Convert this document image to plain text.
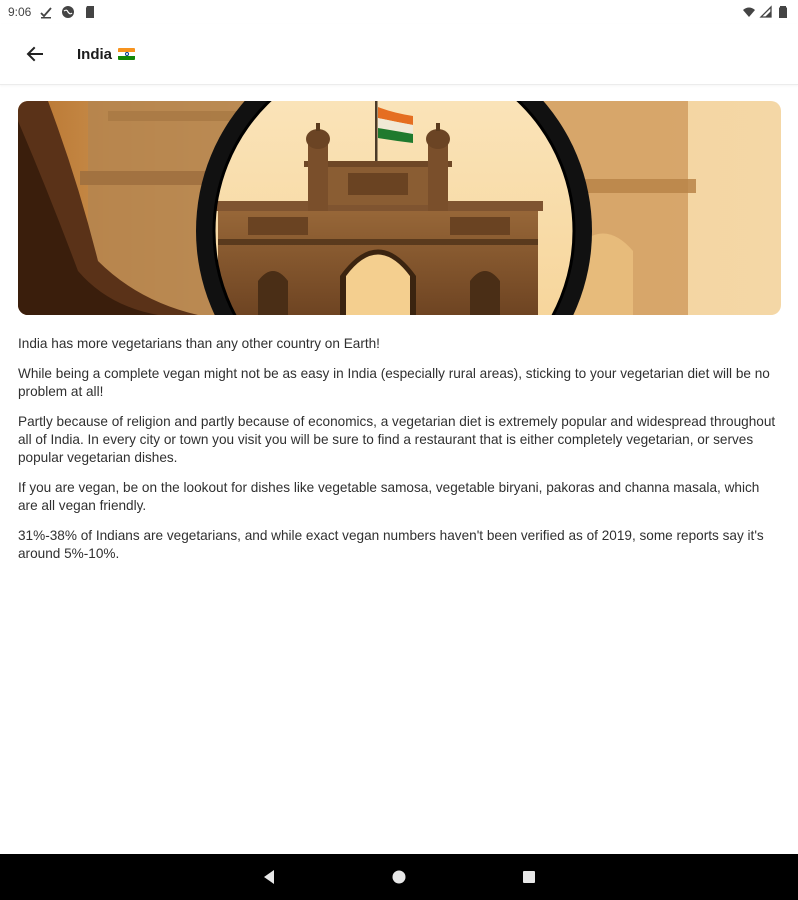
9:06
India

India has more vegetarians than any other country on Earth!

While being a complete vegan might not be as easy in India (especially rural areas), sticking to your vegetarian diet will be no problem at all!

Partly because of religion and partly because of economics, a vegetarian diet is extremely popular and widespread throughout all of India. In every city or town you visit you will be sure to find a restaurant that is either completely vegetarian, or serves popular vegetarian dishes.

If you are vegan, be on the lookout for dishes like vegetable samosa, vegetable biryani, pakoras and channa masala, which are all vegan friendly.

31%-38% of Indians are vegetarians, and while exact vegan numbers haven't been verified as of 2019, some reports say it's around 5%-10%.
